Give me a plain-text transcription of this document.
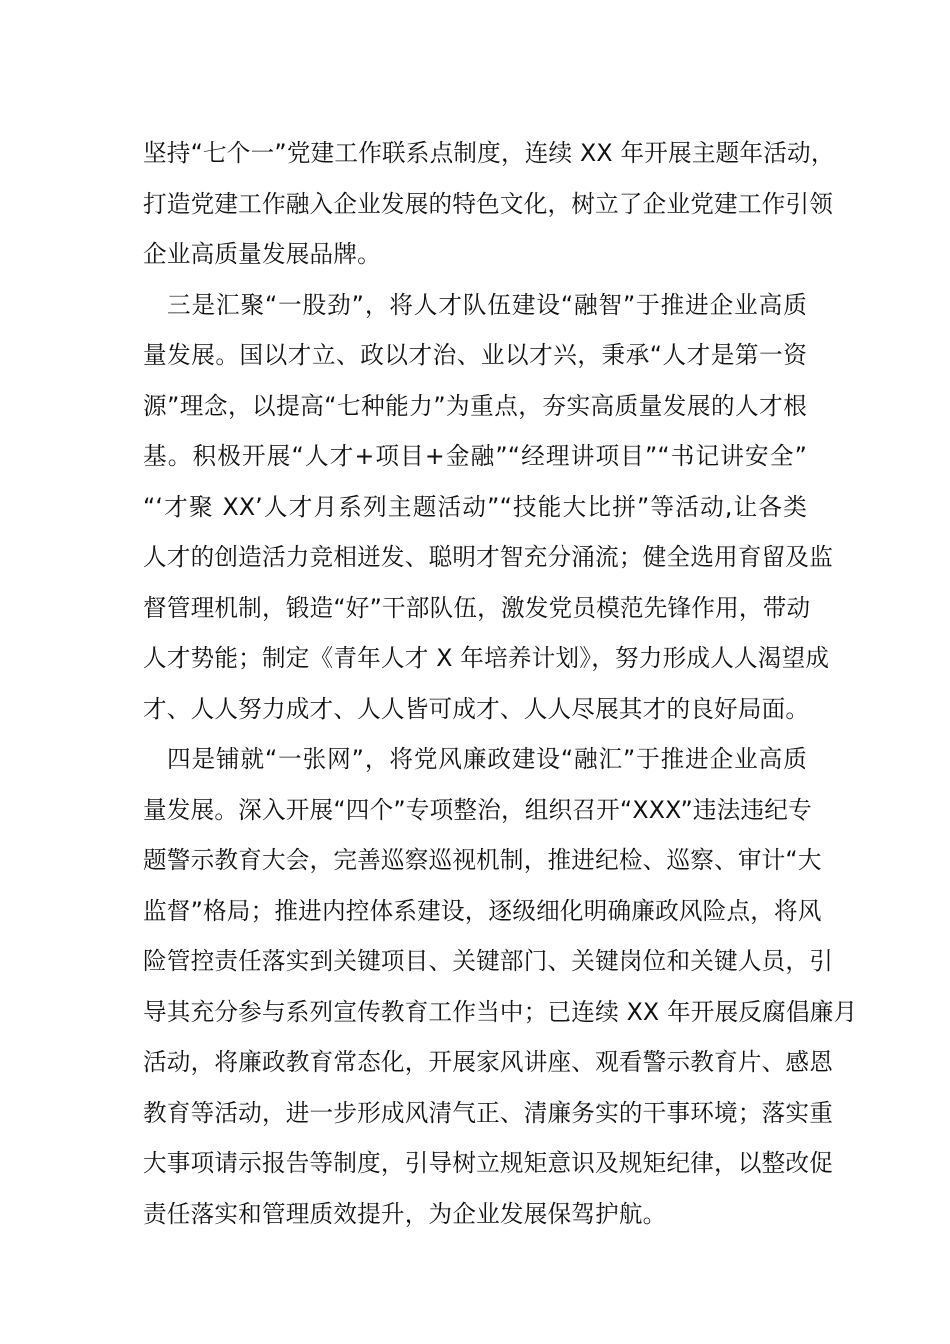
坚持“七个一”党建工作联系点制度，连续 XX 年开展主题年活动，
打造党建工作融入企业发展的特色文化，树立了企业党建工作引领
企业高质量发展品牌。
三是汇聚“一股劲”，将人才队伍建设“融智”于推进企业高质
量发展。国以才立、政以才治、业以才兴，秉承“人才是第一资
源”理念，以提高“七种能力”为重点，夯实高质量发展的人才根
基。积极开展“人才+项目+金融”“经理讲项目”“书记讲安全”
“‘才聚 XX’人才月系列主题活动”“技能大比拼”等活动,让各类
人才的创造活力竞相迸发、聪明才智充分涌流；健全选用育留及监
督管理机制，锻造“好”干部队伍，激发党员模范先锋作用，带动
人才势能；制定《青年人才 X 年培养计划》，努力形成人人渴望成
才、人人努力成才、人人皆可成才、人人尽展其才的良好局面。
四是铺就“一张网”，将党风廉政建设“融汇”于推进企业高质
量发展。深入开展“四个”专项整治，组织召开“XXX”违法违纪专
题警示教育大会，完善巡察巡视机制，推进纪检、巡察、审计“大
监督”格局；推进内控体系建设，逐级细化明确廉政风险点，将风
险管控责任落实到关键项目、关键部门、关键岗位和关键人员，引
导其充分参与系列宣传教育工作当中；已连续 XX 年开展反腐倡廉月
活动，将廉政教育常态化，开展家风讲座、观看警示教育片、感恩
教育等活动，进一步形成风清气正、清廉务实的干事环境；落实重
大事项请示报告等制度，引导树立规矩意识及规矩纪律，以整改促
责任落实和管理质效提升，为企业发展保驾护航。
